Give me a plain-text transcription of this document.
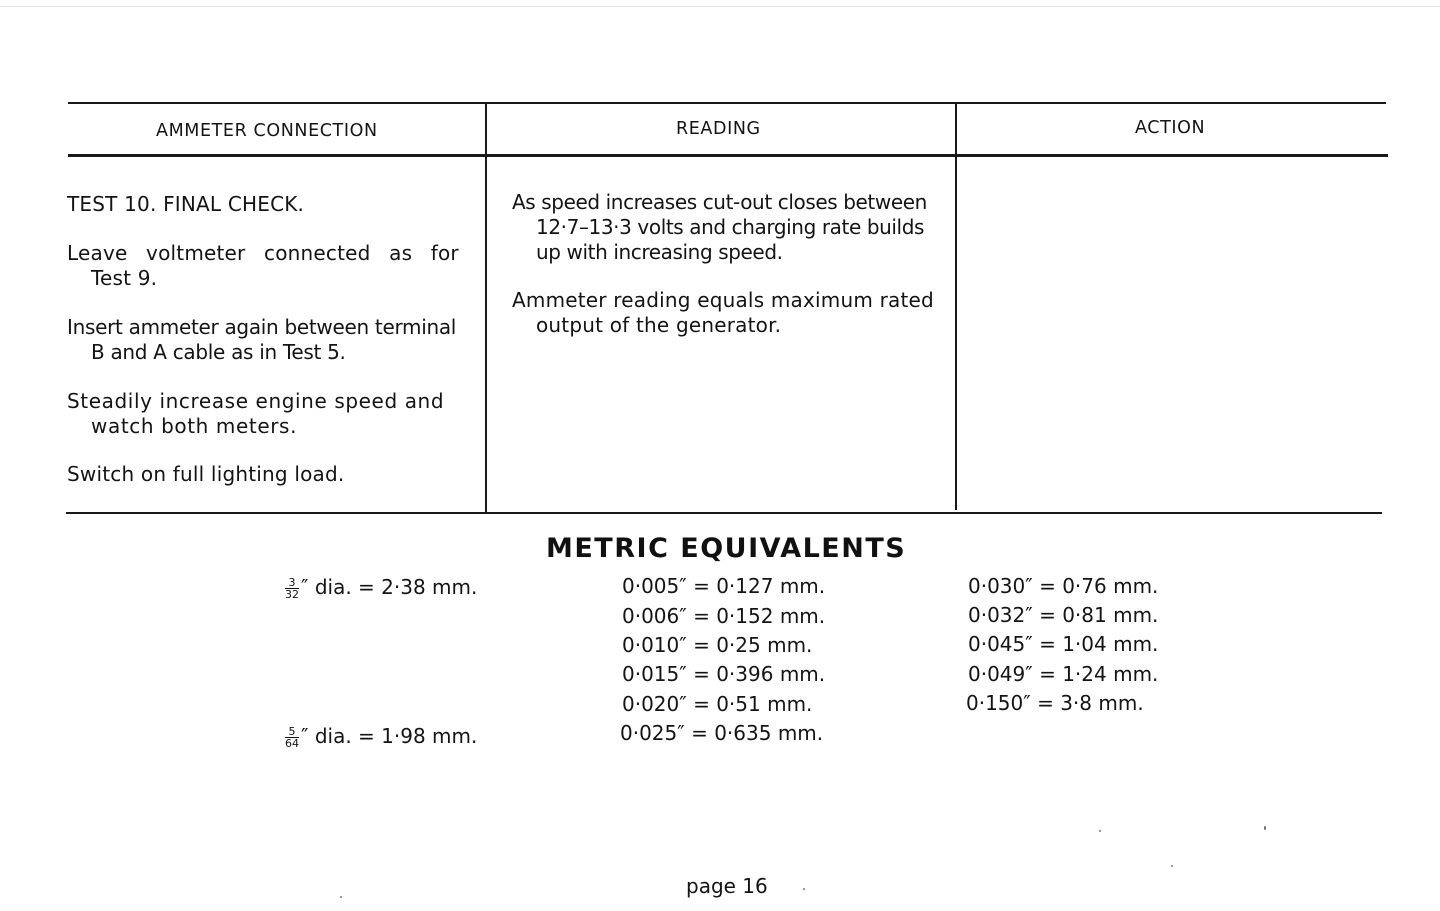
AMMETER CONNECTION	READING	ACTION
TEST 10. FINAL CHECK.
Leave voltmeter connected as for
Test 9.
Insert ammeter again between terminal
B and A cable as in Test 5.
Steadily increase engine speed and
watch both meters.
Switch on full lighting load.
As speed increases cut-out closes between
12·7–13·3 volts and charging rate builds
up with increasing speed.
Ammeter reading equals maximum rated
output of the generator.
METRIC EQUIVALENTS
$\frac{3}{32}$ ″ dia. = 2·38 mm.
$\frac{5}{64}$ ″ dia. = 1·98 mm.
0·005″ = 0·127 mm.
0·006″ = 0·152 mm.
0·010″ = 0·25 mm.
0·015″ = 0·396 mm.
0·020″ = 0·51 mm.
0·025″ = 0·635 mm.
0·030″ = 0·76 mm.
0·032″ = 0·81 mm.
0·045″ = 1·04 mm.
0·049″ = 1·24 mm.
0·150″ = 3·8 mm.
page 16
